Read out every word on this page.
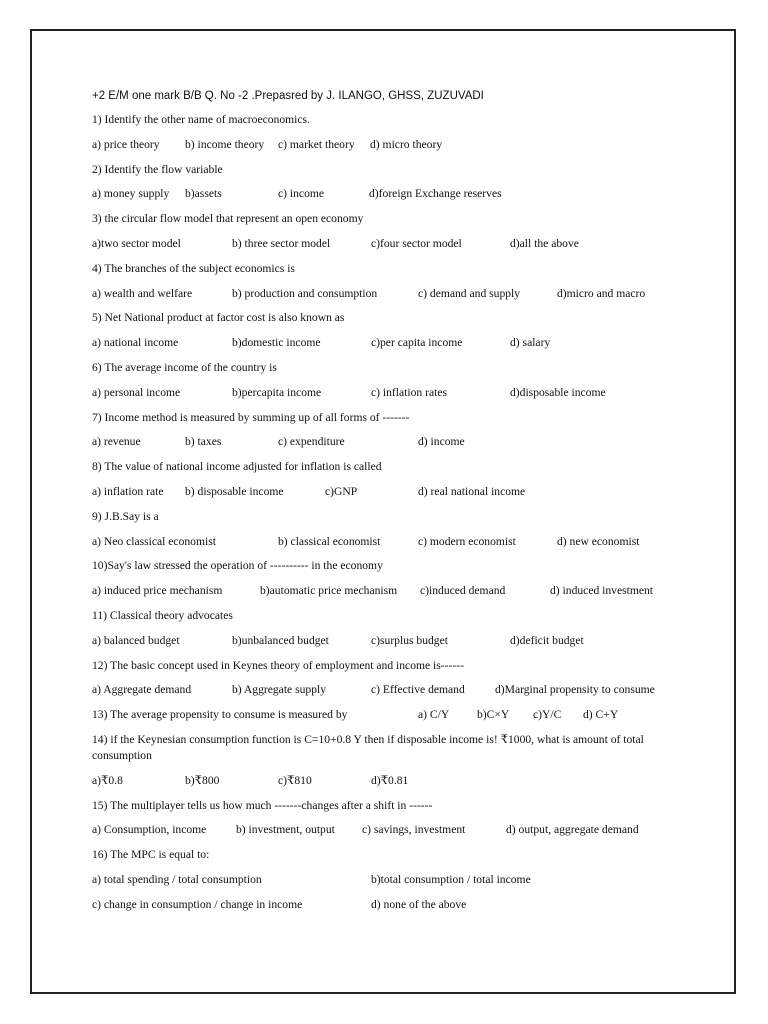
+2 E/M one mark B/B Q. No -2 .Prepasred by J. ILANGO, GHSS, ZUZUVADI
1) Identify the other name of macroeconomics.
a) price theory b) income theory c) market theory d) micro theory
2) Identify the flow variable
a) money supply b)assets	c) income	d)foreign Exchange reserves
3) the circular flow model that represent an open economy
a)two sector model	b) three sector model	c)four sector model	d)all the above
4) The branches of the subject economics is
a) wealth and welfare	b) production and consumption	c) demand and supply	d)micro and macro
5) Net National product at factor cost is also known as
a) national income	b)domestic income	c)per capita income	d) salary
6) The average income of the country is
a) personal income	b)percapita income	c) inflation rates	d)disposable income
7) Income method is measured by summing up of all forms of -------
a) revenue	b) taxes	c) expenditure	d) income
8) The value of national income adjusted for inflation is called
a) inflation rate b) disposable income	c)GNP	d) real national income
9) J.B.Say is a
a) Neo classical economist	b) classical economist	c) modern economist	d) new economist
10)Say's law stressed the operation of ---------- in the economy
a) induced price mechanism	b)automatic price mechanism c)induced demand	d) induced investment
11) Classical theory advocates
a) balanced budget	b)unbalanced budget	c)surplus budget	d)deficit budget
12) The basic concept used in Keynes theory of employment and income is------
a) Aggregate demand	b) Aggregate supply	c) Effective demand	d)Marginal propensity to consume
13) The average propensity to consume is measured by	a) C/Y b)C×Y c)Y/C d) C+Y
14) if the Keynesian consumption function is C=10+0.8 Y then if disposable income is! ₹1000, what is amount of total consumption
a)₹0.8	b)₹800	c)₹810	d)₹0.81
15) The multiplayer tells us how much -------changes after a shift in ------
a) Consumption, income	b) investment, output c) savings, investment	d) output, aggregate demand
16) The MPC is equal to:
a) total spending / total consumption	b)total consumption / total income
c) change in consumption / change in income	d) none of the above
